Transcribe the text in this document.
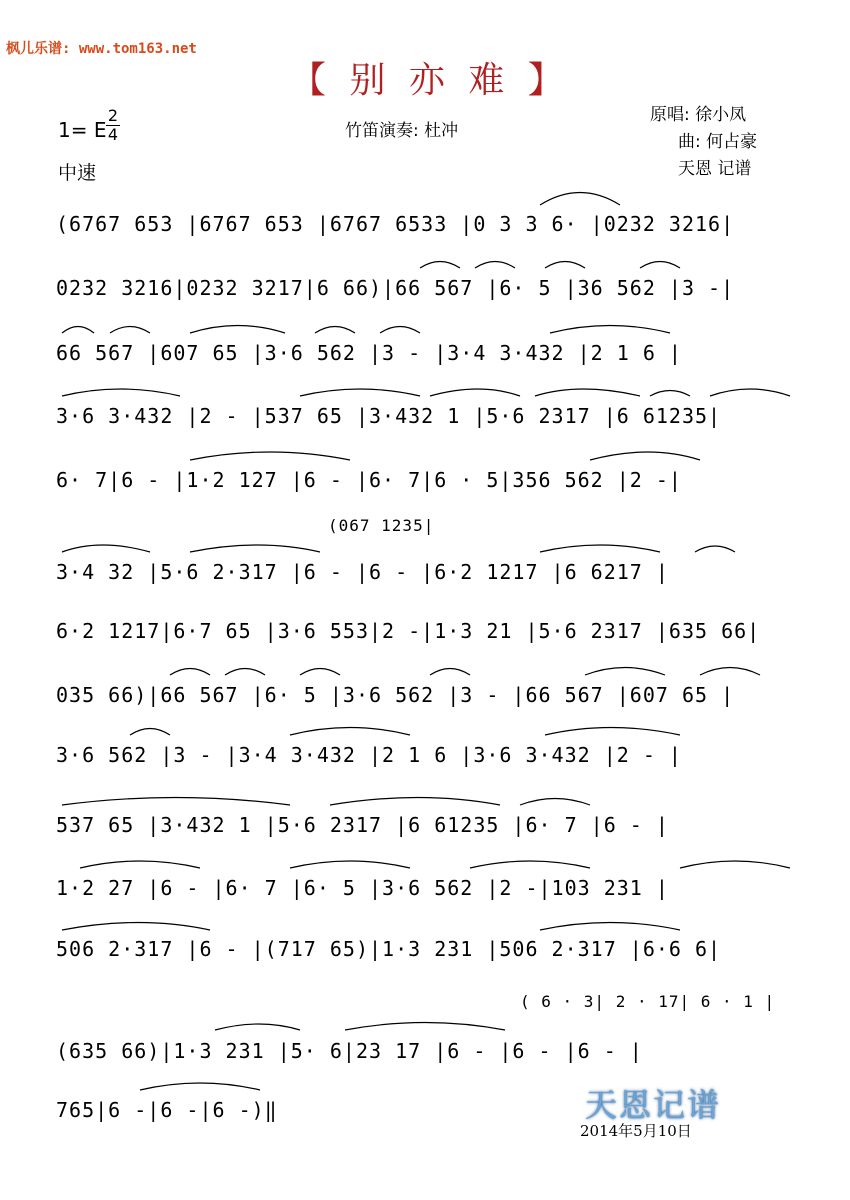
枫儿乐谱: www.tom163.net
【 别 亦 难 】
1= E
2
4
中速
竹笛演奏: 杜冲
原唱: 徐小凤
曲: 何占豪
天恩 记谱
(6767 653 |6767 653 |6767 6533 |0 3 3 6· |0232 3216|
0232 3216|0232 3217|6 66)|66 567 |6· 5 |36 562 |3 -|
66 567 |607 65 |3·6 562 |3 - |3·4 3·432 |2 1 6 |
3·6 3·432 |2 - |537 65 |3·432 1 |5·6 2317 |6 61235|
6· 7|6 - |1·2 127 |6 - |6· 7|6 · 5|356 562 |2 -|
(067 1235|
3·4 32 |5·6 2·317 |6 - |6 - |6·2 1217 |6 6217 |
6·2 1217|6·7 65 |3·6 553|2 -|1·3 21 |5·6 2317 |635 66|
035 66)|66 567 |6· 5 |3·6 562 |3 - |66 567 |607 65 |
3·6 562 |3 - |3·4 3·432 |2 1 6 |3·6 3·432 |2 - |
537 65 |3·432 1 |5·6 2317 |6 61235 |6· 7 |6 - |
1·2 27 |6 - |6· 7 |6· 5 |3·6 562 |2 -|103 231 |
506 2·317 |6 - |(717 65)|1·3 231 |506 2·317 |6·6 6|
( 6 · 3| 2 · 17| 6 · 1 |
(635 66)|1·3 231 |5· 6|23 17 |6 - |6 - |6 - |
765|6 -|6 -|6 -)‖	天恩记谱
2014年5月10日
